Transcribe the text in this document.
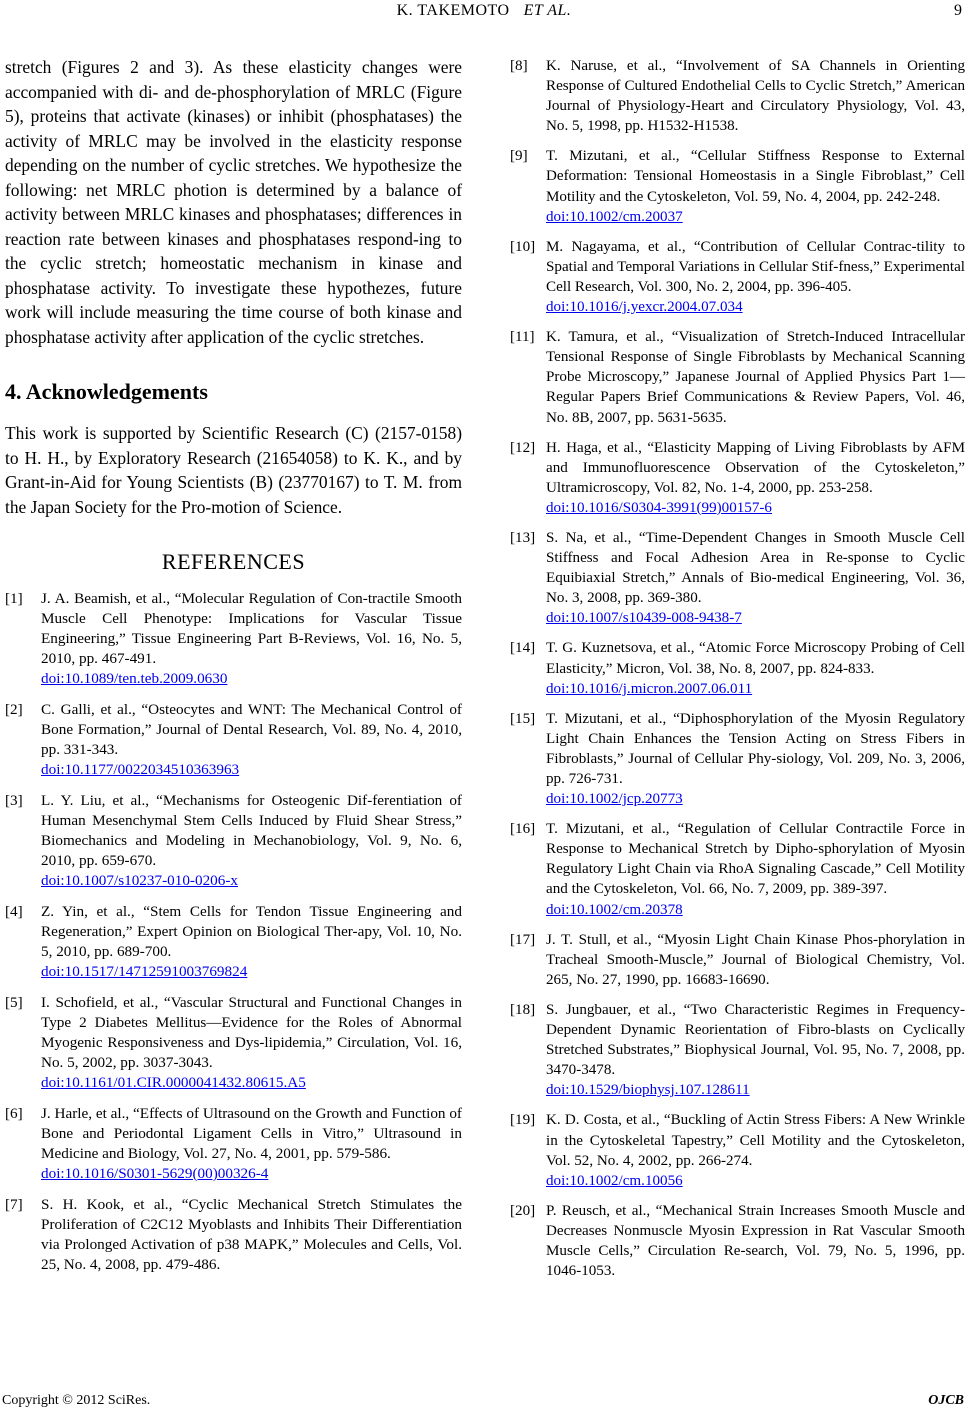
K. TAKEMOTO ET AL.	9

stretch (Figures 2 and 3). As these elasticity changes were accompanied with di- and de-phosphorylation of MRLC (Figure 5), proteins that activate (kinases) or inhibit (phosphatases) the activity of MRLC may be involved in the elasticity response depending on the number of cyclic stretches. We hypothesize the following: net MRLC photion is determined by a balance of activity between MRLC kinases and phosphatases; differences in reaction rate between kinases and phosphatases respond-ing to the cyclic stretch; homeostatic mechanism in kinase and phosphatase activity. To investigate these hypothezes, future work will include measuring the time course of both kinase and phosphatase activity after application of the cyclic stretches.

4. Acknowledgements

This work is supported by Scientific Research (C) (2157-0158) to H. H., by Exploratory Research (21654058) to K. K., and by Grant-in-Aid for Young Scientists (B) (23770167) to T. M. from the Japan Society for the Pro-motion of Science.

REFERENCES
[1]	J. A. Beamish, et al., “Molecular Regulation of Con-tractile Smooth Muscle Cell Phenotype: Implications for Vascular Tissue Engineering,” Tissue Engineering Part B-Reviews, Vol. 16, No. 5, 2010, pp. 467-491.
doi:10.1089/ten.teb.2009.0630
[2]	C. Galli, et al., “Osteocytes and WNT: The Mechanical Control of Bone Formation,” Journal of Dental Research, Vol. 89, No. 4, 2010, pp. 331-343.
doi:10.1177/0022034510363963
[3]	L. Y. Liu, et al., “Mechanisms for Osteogenic Dif-ferentiation of Human Mesenchymal Stem Cells Induced by Fluid Shear Stress,” Biomechanics and Modeling in Mechanobiology, Vol. 9, No. 6, 2010, pp. 659-670.
doi:10.1007/s10237-010-0206-x
[4]	Z. Yin, et al., “Stem Cells for Tendon Tissue Engineering and Regeneration,” Expert Opinion on Biological Ther-apy, Vol. 10, No. 5, 2010, pp. 689-700.
doi:10.1517/14712591003769824
[5]	I. Schofield, et al., “Vascular Structural and Functional Changes in Type 2 Diabetes Mellitus—Evidence for the Roles of Abnormal Myogenic Responsiveness and Dys-lipidemia,” Circulation, Vol. 16, No. 5, 2002, pp. 3037-3043.
doi:10.1161/01.CIR.0000041432.80615.A5
[6]	J. Harle, et al., “Effects of Ultrasound on the Growth and Function of Bone and Periodontal Ligament Cells in Vitro,” Ultrasound in Medicine and Biology, Vol. 27, No. 4, 2001, pp. 579-586.
doi:10.1016/S0301-5629(00)00326-4
[7]	S. H. Kook, et al., “Cyclic Mechanical Stretch Stimulates the Proliferation of C2C12 Myoblasts and Inhibits Their Differentiation via Prolonged Activation of p38 MAPK,” Molecules and Cells, Vol. 25, No. 4, 2008, pp. 479-486.
[8]	K. Naruse, et al., “Involvement of SA Channels in Orienting Response of Cultured Endothelial Cells to Cyclic Stretch,” American Journal of Physiology-Heart and Circulatory Physiology, Vol. 43, No. 5, 1998, pp. H1532-H1538.
[9]	T. Mizutani, et al., “Cellular Stiffness Response to External Deformation: Tensional Homeostasis in a Single Fibroblast,” Cell Motility and the Cytoskeleton, Vol. 59, No. 4, 2004, pp. 242-248.
doi:10.1002/cm.20037
[10] M. Nagayama, et al., “Contribution of Cellular Contrac-tility to Spatial and Temporal Variations in Cellular Stif-fness,” Experimental Cell Research, Vol. 300, No. 2, 2004, pp. 396-405.
doi:10.1016/j.yexcr.2004.07.034
[11] K. Tamura, et al., “Visualization of Stretch-Induced Intracellular Tensional Response of Single Fibroblasts by Mechanical Scanning Probe Microscopy,” Japanese Journal of Applied Physics Part 1—Regular Papers Brief Communications & Review Papers, Vol. 46, No. 8B, 2007, pp. 5631-5635.
[12] H. Haga, et al., “Elasticity Mapping of Living Fibroblasts by AFM and Immunofluorescence Observation of the Cytoskeleton,” Ultramicroscopy, Vol. 82, No. 1-4, 2000, pp. 253-258.
doi:10.1016/S0304-3991(99)00157-6
[13] S. Na, et al., “Time-Dependent Changes in Smooth Muscle Cell Stiffness and Focal Adhesion Area in Re-sponse to Cyclic Equibiaxial Stretch,” Annals of Bio-medical Engineering, Vol. 36, No. 3, 2008, pp. 369-380.
doi:10.1007/s10439-008-9438-7
[14] T. G. Kuznetsova, et al., “Atomic Force Microscopy Probing of Cell Elasticity,” Micron, Vol. 38, No. 8, 2007, pp. 824-833.
doi:10.1016/j.micron.2007.06.011
[15] T. Mizutani, et al., “Diphosphorylation of the Myosin Regulatory Light Chain Enhances the Tension Acting on Stress Fibers in Fibroblasts,” Journal of Cellular Phy-siology, Vol. 209, No. 3, 2006, pp. 726-731.
doi:10.1002/jcp.20773
[16] T. Mizutani, et al., “Regulation of Cellular Contractile Force in Response to Mechanical Stretch by Dipho-sphorylation of Myosin Regulatory Light Chain via RhoA Signaling Cascade,” Cell Motility and the Cytoskeleton, Vol. 66, No. 7, 2009, pp. 389-397.
doi:10.1002/cm.20378
[17] J. T. Stull, et al., “Myosin Light Chain Kinase Phos-phorylation in Tracheal Smooth-Muscle,” Journal of Biological Chemistry, Vol. 265, No. 27, 1990, pp. 16683-16690.
[18] S. Jungbauer, et al., “Two Characteristic Regimes in Frequency-Dependent Dynamic Reorientation of Fibro-blasts on Cyclically Stretched Substrates,” Biophysical Journal, Vol. 95, No. 7, 2008, pp. 3470-3478.
doi:10.1529/biophysj.107.128611
[19] K. D. Costa, et al., “Buckling of Actin Stress Fibers: A New Wrinkle in the Cytoskeletal Tapestry,” Cell Motility and the Cytoskeleton, Vol. 52, No. 4, 2002, pp. 266-274.
doi:10.1002/cm.10056
[20] P. Reusch, et al., “Mechanical Strain Increases Smooth Muscle and Decreases Nonmuscle Myosin Expression in Rat Vascular Smooth Muscle Cells,” Circulation Re-search, Vol. 79, No. 5, 1996, pp. 1046-1053.
Copyright © 2012 SciRes.	OJCB
